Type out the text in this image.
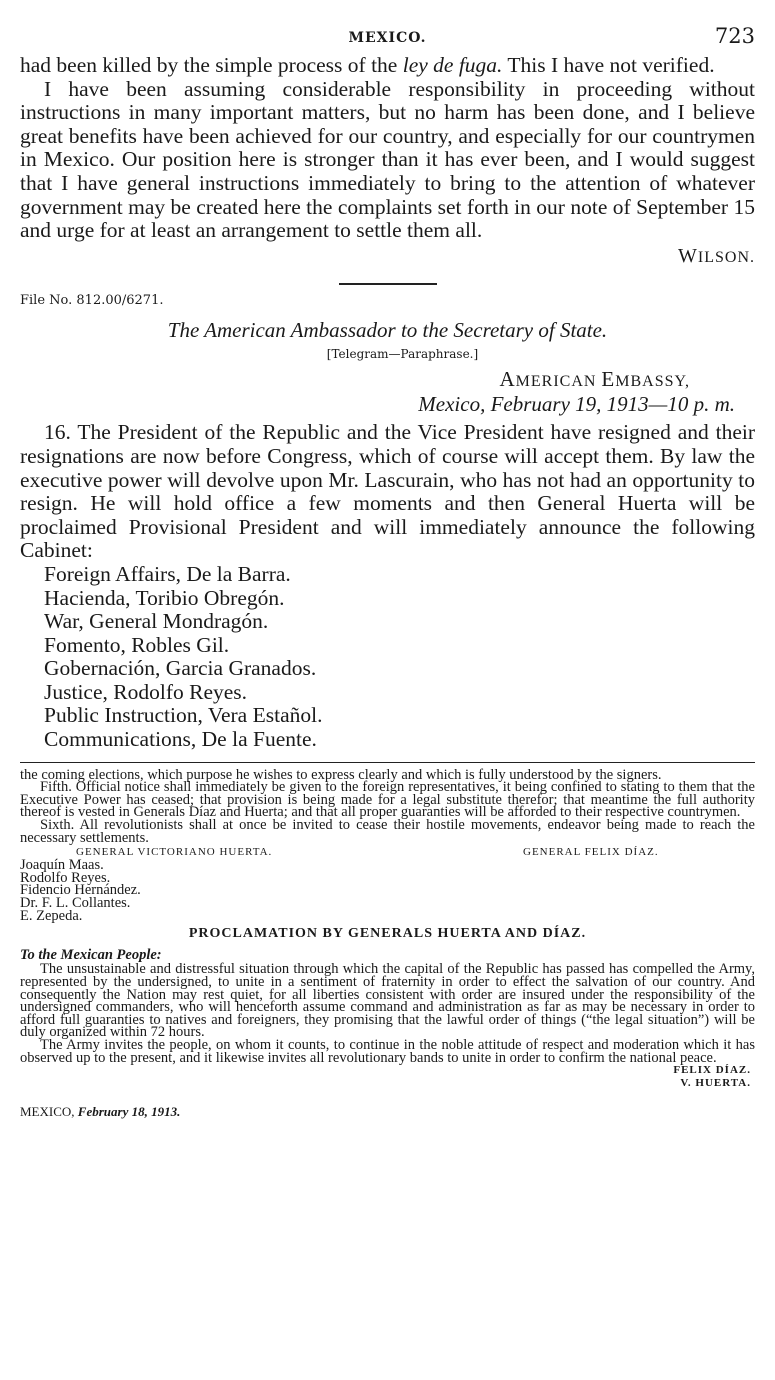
MEXICO.	723

had been killed by the simple process of the ley de fuga. This I have not verified.

I have been assuming considerable responsibility in proceeding without instructions in many important matters, but no harm has been done, and I believe great benefits have been achieved for our country, and especially for our countrymen in Mexico. Our position here is stronger than it has ever been, and I would suggest that I have general instructions immediately to bring to the attention of whatever government may be created here the complaints set forth in our note of September 15 and urge for at least an arrangement to settle them all.

WILSON.
File No. 812.00/6271.
The American Ambassador to the Secretary of State.
[Telegram—Paraphrase.]
AMERICAN EMBASSY,
Mexico, February 19, 1913—10 p. m.

16. The President of the Republic and the Vice President have resigned and their resignations are now before Congress, which of course will accept them. By law the executive power will devolve upon Mr. Lascurain, who has not had an opportunity to resign. He will hold office a few moments and then General Huerta will be proclaimed Provisional President and will immediately announce the following Cabinet:

Foreign Affairs, De la Barra.
Hacienda, Toribio Obregón.
War, General Mondragón.
Fomento, Robles Gil.
Gobernación, Garcia Granados.
Justice, Rodolfo Reyes.
Public Instruction, Vera Estañol.
Communications, De la Fuente.

the coming elections, which purpose he wishes to express clearly and which is fully understood by the signers.

Fifth. Official notice shall immediately be given to the foreign representatives, it being confined to stating to them that the Executive Power has ceased; that provision is being made for a legal substitute therefor; that meantime the full authority thereof is vested in Generals Díaz and Huerta; and that all proper guaranties will be afforded to their respective countrymen.

Sixth. All revolutionists shall at once be invited to cease their hostile movements, endeavor being made to reach the necessary settlements.

GENERAL VICTORIANO HUERTA.	GENERAL FELIX DÍAZ.
Joaquín Maas.
Rodolfo Reyes.
Fidencio Hernández.
Dr. F. L. Collantes.
E. Zepeda.
PROCLAMATION BY GENERALS HUERTA AND DÍAZ.
To the Mexican People:

The unsustainable and distressful situation through which the capital of the Republic has passed has compelled the Army, represented by the undersigned, to unite in a sentiment of fraternity in order to effect the salvation of our country. And consequently the Nation may rest quiet, for all liberties consistent with order are insured under the responsibility of the undersigned commanders, who will henceforth assume command and administration as far as may be necessary in order to afford full guaranties to natives and foreigners, they promising that the lawful order of things (“the legal situation”) will be duly organized within 72 hours.

The Army invites the people, on whom it counts, to continue in the noble attitude of respect and moderation which it has observed up to the present, and it likewise invites all revolutionary bands to unite in order to confirm the national peace.

FELIX DÍAZ.
V. HUERTA.
MEXICO, February 18, 1913.
